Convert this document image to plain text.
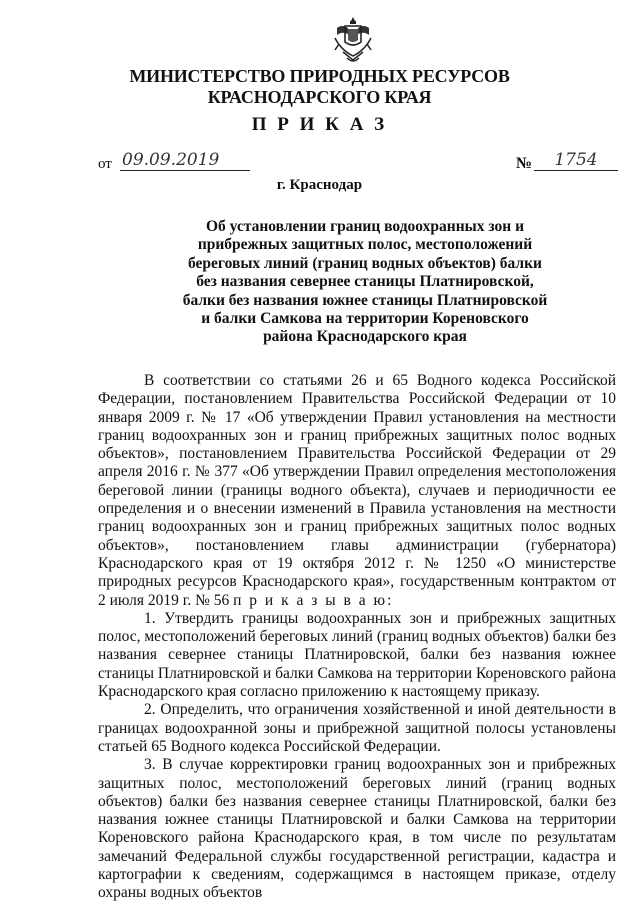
МИНИСТЕРСТВО ПРИРОДНЫХ РЕСУРСОВ
КРАСНОДАРСКОГО КРАЯ
П Р И К А З
от 09.09.2019	№	1754
г. Краснодар
Об установлении границ водоохранных зон и
прибрежных защитных полос, местоположений
береговых линий (границ водных объектов) балки
без названия севернее станицы Платнировской,
балки без названия южнее станицы Платнировской
и балки Самкова на территории Кореновского
района Краснодарского края

В соответствии со статьями 26 и 65 Водного кодекса Российской Федерации, постановлением Правительства Российской Федерации от 10 января 2009 г. № 17 «Об утверждении Правил установления на местности границ водоохранных зон и границ прибрежных защитных полос водных объектов», постановлением Правительства Российской Федерации от 29 апреля 2016 г. № 377 «Об утверждении Правил определения местоположения береговой линии (границы водного объекта), случаев и периодичности ее определения и о внесении изменений в Правила установления на местности границ водоохранных зон и границ прибрежных защитных полос водных объектов», постановлением главы администрации (губернатора) Краснодарского края от 19 октября 2012 г. № 1250 «О министерстве природных ресурсов Краснодарского края», государственным контрактом от 2 июля 2019 г. № 56 п р и к а з ы в а ю:

1. Утвердить границы водоохранных зон и прибрежных защитных полос, местоположений береговых линий (границ водных объектов) балки без названия севернее станицы Платнировской, балки без названия южнее станицы Платнировской и балки Самкова на территории Кореновского района Краснодарского края согласно приложению к настоящему приказу.

2. Определить, что ограничения хозяйственной и иной деятельности в границах водоохранной зоны и прибрежной защитной полосы установлены статьей 65 Водного кодекса Российской Федерации.

3. В случае корректировки границ водоохранных зон и прибрежных защитных полос, местоположений береговых линий (границ водных объектов) балки без названия севернее станицы Платнировской, балки без названия южнее станицы Платнировской и балки Самкова на территории Кореновского района Краснодарского края, в том числе по результатам замечаний Федеральной службы государственной регистрации, кадастра и картографии к сведениям, содержащимся в настоящем приказе, отделу охраны водных объектов
